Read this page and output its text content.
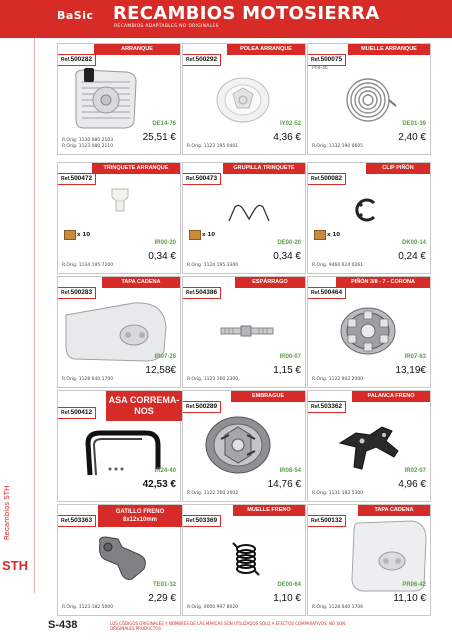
BaSic RECAMBIOS MOTOSIERRA
RECAMBIOS ADAPTABLES NO ORIGINALES
Recambios STH
STH
ARRANQUE
Ref.500282
DE14-76
25,51 €
R.Orig. 1130 080 2103
R.Orig. 1123 080 2110
POLEA ARRANQUE
Ref.500292
IY02-52
4,36 €
R.Orig. 1123 195 0401
MUELLE ARRANQUE
Ref.500075
P09-46
DE01-39
2,40 €
R.Orig. 1132 190 0605
TRINQUETE ARRANQUE
Ref.500472
x 10
IR00-20
0,34 €
R.Orig. 1134 195 7200
GRUPILLA TRINQUETE
Ref.500473
x 10
DE00-20
0,34 €
R.Orig. 1124 195 3300
CLIP PIÑÓN
Ref.500082
x 10
DK00-14
0,24 €
R.Orig. 9460 624 0261
TAPA CADENA
Ref.500283
IR07-28
12,58€
R.Orig. 1128 640 1700
ESPÁRRAGO
Ref.504386
IR00-07
1,15 €
R.Orig. 1123 160 2300
PIÑÓN 3/8 - 7 - CORONA
Ref.500464
IR07-63
13,19€
R.Orig. 1122 902 2000
ASA CORREMA-NOS
Ref.500412
IR24-40
42,53 €
EMBRAGUE
Ref.500289
IR08-54
14,76 €
R.Orig. 1122 160 2002
PALANCA FRENO
Ref.503362
IR02-07
4,96 €
R.Orig. 1131 182 5300
GATILLO FRENO 8x12x10mm
Ref.503363
TE01-32
2,29 €
R.Orig. 1123 182 5000
MUELLE FRENO
Ref.503369
DE00-64
1,10 €
R.Orig. 0000 997 8020
TAPA CADENA
Ref.500132
PR06-42
11,10 €
R.Orig. 1128 640 1706
S-438	LOS CÓDIGOS ORIGINALES Y NOMBRES DE LAS MARCAS SON UTILIZADOS SÓLO A EFECTOS COMPARATIVOS. NO SON ORIGINALES PRODUCTOS
